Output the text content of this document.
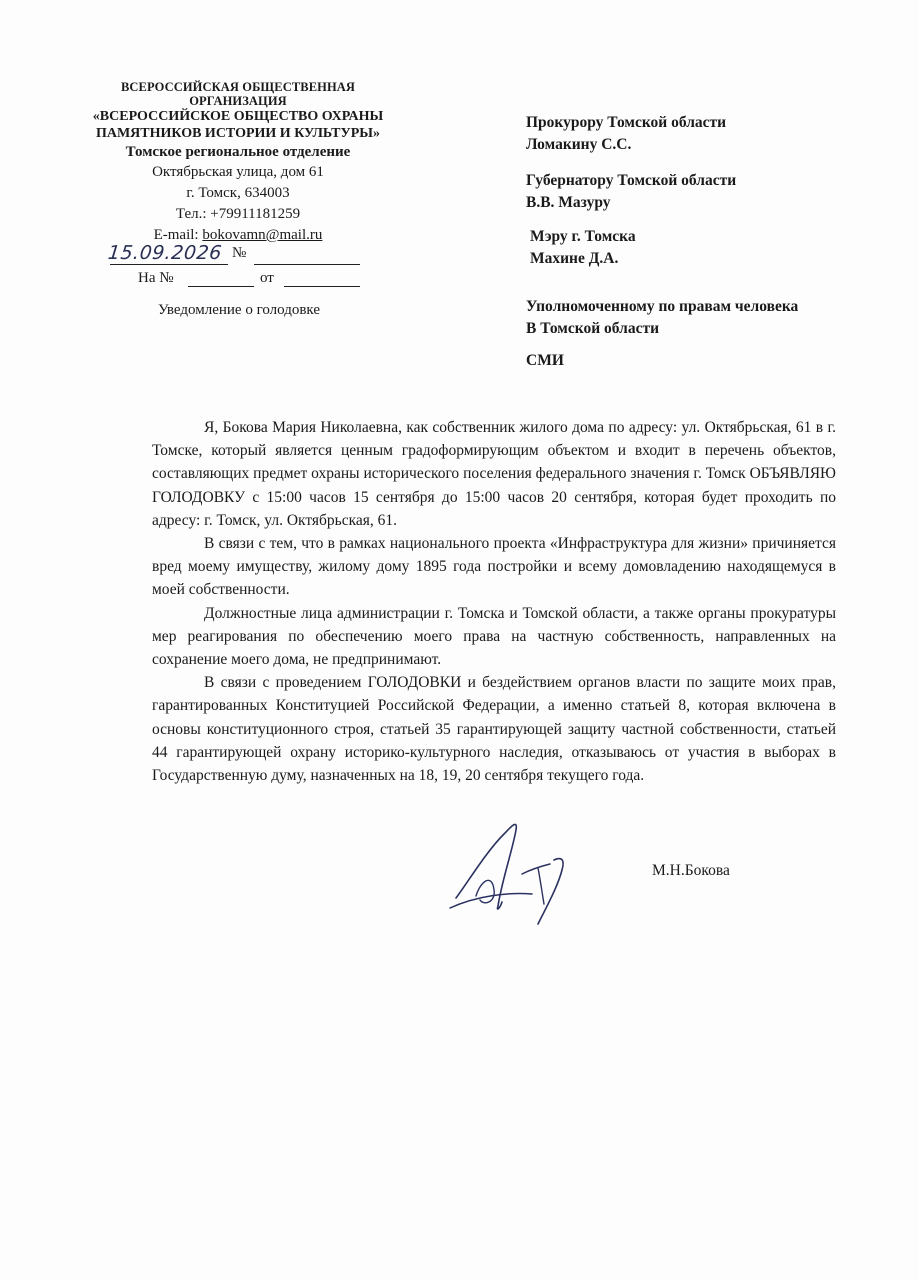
ВСЕРОССИЙСКАЯ ОБЩЕСТВЕННАЯ
ОРГАНИЗАЦИЯ
«ВСЕРОССИЙСКОЕ ОБЩЕСТВО ОХРАНЫ
ПАМЯТНИКОВ ИСТОРИИ И КУЛЬТУРЫ»
Томское региональное отделение
Октябрьская улица, дом 61
г. Томск, 634003
Тел.: +79911181259
E-mail: bokovamn@mail.ru
15.09.2026 №
На №	от
Уведомление о голодовке
Прокурору Томской области
Ломакину С.С.
Губернатору Томской области
В.В. Мазуру
Мэру г. Томска
Махине Д.А.
Уполномоченному по правам человека
В Томской области
СМИ

Я, Бокова Мария Николаевна, как собственник жилого дома по адресу: ул. Октябрьская, 61 в г. Томске, который является ценным градоформирующим объектом и входит в перечень объектов, составляющих предмет охраны исторического поселения федерального значения г. Томск ОБЪЯВЛЯЮ ГОЛОДОВКУ с 15:00 часов 15 сентября до 15:00 часов 20 сентября, которая будет проходить по адресу: г. Томск, ул. Октябрьская, 61.

В связи с тем, что в рамках национального проекта «Инфраструктура для жизни» причиняется вред моему имуществу, жилому дому 1895 года постройки и всему домовладению находящемуся в моей собственности.

Должностные лица администрации г. Томска и Томской области, а также органы прокуратуры мер реагирования по обеспечению моего права на частную собственность, направленных на сохранение моего дома, не предпринимают.

В связи с проведением ГОЛОДОВКИ и бездействием органов власти по защите моих прав, гарантированных Конституцией Российской Федерации, а именно статьей 8, которая включена в основы конституционного строя, статьей 35 гарантирующей защиту частной собственности, статьей 44 гарантирующей охрану историко-культурного наследия, отказываюсь от участия в выборах в Государственную думу, назначенных на 18, 19, 20 сентября текущего года.

М.Н.Бокова
